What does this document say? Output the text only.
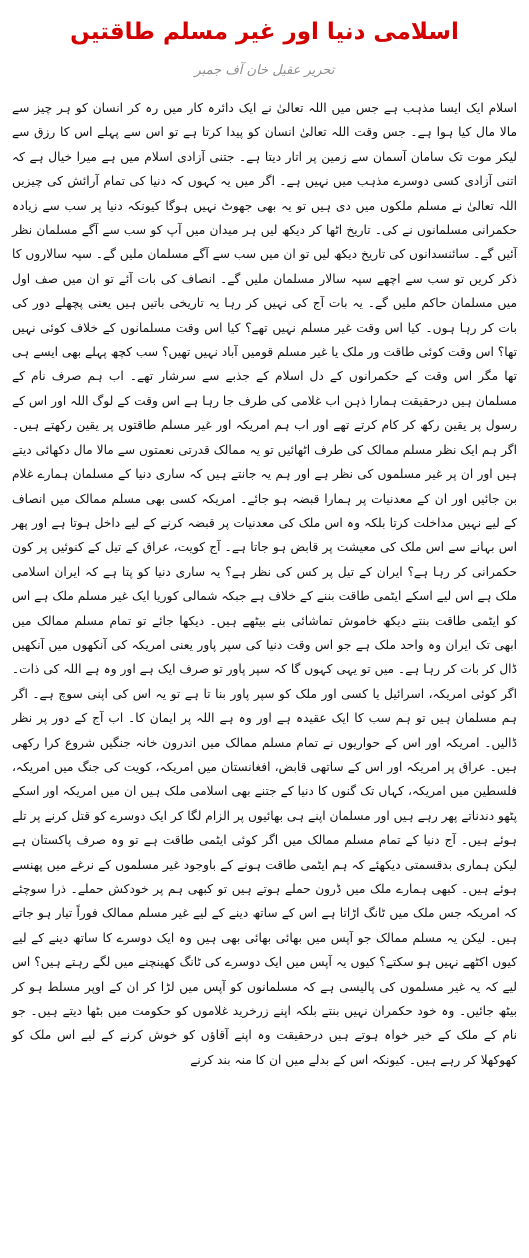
اسلامی دنیا اور غیر مسلم طاقتیں
تحریر عقیل خان آف جمبر

اسلام ایک ایسا مذہب ہے جس میں اللہ تعالیٰ نے ایک دائرہ کار میں رہ کر انسان کو ہر چیز سے مالا مال کیا ہوا ہے۔ جس وقت اللہ تعالیٰ انسان کو پیدا کرتا ہے تو اس سے پہلے اس کا رزق سے لیکر موت تک سامان آسمان سے زمین پر اتار دیتا ہے۔ جتنی آزادی اسلام میں ہے میرا خیال ہے کہ اتنی آزادی کسی دوسرے مذہب میں نہیں ہے۔ اگر میں یہ کہوں کہ دنیا کی تمام آرائش کی چیزیں اللہ تعالیٰ نے مسلم ملکوں میں دی ہیں تو یہ بھی جھوٹ نہیں ہوگا کیونکہ دنیا پر سب سے زیادہ حکمرانی مسلمانوں نے کی۔ تاریخ اٹھا کر دیکھ لیں ہر میدان میں آپ کو سب سے آگے مسلمان نظر آئیں گے۔ سائنسدانوں کی تاریخ دیکھ لیں تو ان میں سب سے آگے مسلمان ملیں گے۔ سپہ سالاروں کا ذکر کریں تو سب سے اچھے سپہ سالار مسلمان ملیں گے۔ انصاف کی بات آئے تو ان میں صف اول میں مسلمان حاکم ملیں گے۔ یہ بات آج کی نہیں کر رہا یہ تاریخی باتیں ہیں یعنی پچھلے دور کی بات کر رہا ہوں۔ کیا اس وقت غیر مسلم نہیں تھے؟ کیا اس وقت مسلمانوں کے خلاف کوئی نہیں تھا؟ اس وقت کوئی طاقت ور ملک یا غیر مسلم قومیں آباد نہیں تھیں؟ سب کچھ پہلے بھی ایسے ہی تھا مگر اس وقت کے حکمرانوں کے دل اسلام کے جذبے سے سرشار تھے۔ اب ہم صرف نام کے مسلمان ہیں درحقیقت ہمارا ذہن اب غلامی کی طرف جا رہا ہے اس وقت کے لوگ اللہ اور اس کے رسول پر یقین رکھ کر کام کرتے تھے اور اب ہم امریکہ اور غیر مسلم طاقتوں پر یقین رکھتے ہیں۔ اگر ہم ایک نظر مسلم ممالک کی طرف اٹھائیں تو یہ ممالک قدرتی نعمتوں سے مالا مال دکھائی دیتے ہیں اور ان پر غیر مسلموں کی نظر ہے اور ہم یہ جانتے ہیں کہ ساری دنیا کے مسلمان ہمارے غلام بن جائیں اور ان کے معدنیات پر ہمارا قبضہ ہو جائے۔ امریکہ کسی بھی مسلم ممالک میں انصاف کے لیے نہیں مداخلت کرتا بلکہ وہ اس ملک کی معدنیات پر قبضہ کرنے کے لیے داخل ہوتا ہے اور پھر اس بہانے سے اس ملک کی معیشت پر قابض ہو جاتا ہے۔ آج کویت، عراق کے تیل کے کنوئیں پر کون حکمرانی کر رہا ہے؟ ایران کے تیل پر کس کی نظر ہے؟ یہ ساری دنیا کو پتا ہے کہ ایران اسلامی ملک ہے اس لیے اسکے ایٹمی طاقت بننے کے خلاف ہے جبکہ شمالی کوریا ایک غیر مسلم ملک ہے اس کو ایٹمی طاقت بنتے دیکھ خاموش تماشائی بنے بیٹھے ہیں۔ دیکھا جائے تو تمام مسلم ممالک میں ابھی تک ایران وہ واحد ملک ہے جو اس وقت دنیا کی سپر پاور یعنی امریکہ کی آنکھوں میں آنکھیں ڈال کر بات کر رہا ہے۔ میں تو یہی کہوں گا کہ سپر پاور تو صرف ایک ہے اور وہ ہے اللہ کی ذات۔ اگر کوئی امریکہ، اسرائیل یا کسی اور ملک کو سپر پاور بنا تا ہے تو یہ اس کی اپنی سوچ ہے۔ اگر ہم مسلمان ہیں تو ہم سب کا ایک عقیدہ ہے اور وہ ہے اللہ پر ایمان کا۔ اب آج کے دور پر نظر ڈالیں۔ امریکہ اور اس کے حواریوں نے تمام مسلم ممالک میں اندرون خانہ جنگیں شروع کرا رکھی ہیں۔ عراق پر امریکہ اور اس کے ساتھی قابض، افغانستان میں امریکہ، کویت کی جنگ میں امریکہ، فلسطین میں امریکہ، کہاں تک گنوں کا دنیا کے جتنے بھی اسلامی ملک ہیں ان میں امریکہ اور اسکے پٹھو دندناتے پھر رہے ہیں اور مسلمان اپنے ہی بھائیوں پر الزام لگا کر ایک دوسرے کو قتل کرنے پر تلے ہوئے ہیں۔ آج دنیا کے تمام مسلم ممالک میں اگر کوئی ایٹمی طاقت ہے تو وہ صرف پاکستان ہے لیکن ہماری بدقسمتی دیکھئے کہ ہم ایٹمی طاقت ہونے کے باوجود غیر مسلموں کے نرغے میں پھنسے ہوئے ہیں۔ کبھی ہمارے ملک میں ڈرون حملے ہوتے ہیں تو کبھی ہم پر خودکش حملے۔ ذرا سوچئے کہ امریکہ جس ملک میں ٹانگ اڑاتا ہے اس کے ساتھ دینے کے لیے غیر مسلم ممالک فوراً تیار ہو جاتے ہیں۔ لیکن یہ مسلم ممالک جو آپس میں بھائی بھائی بھی ہیں وہ ایک دوسرے کا ساتھ دینے کے لیے کیوں اکٹھے نہیں ہو سکتے؟ کیوں یہ آپس میں ایک دوسرے کی ٹانگ کھینچنے میں لگے رہتے ہیں؟ اس لیے کہ یہ غیر مسلموں کی پالیسی ہے کہ مسلمانوں کو آپس میں لڑا کر ان کے اوپر مسلط ہو کر بیٹھ جائیں۔ وہ خود حکمران نہیں بنتے بلکہ اپنے زرخرید غلاموں کو حکومت میں بٹھا دیتے ہیں۔ جو نام کے ملک کے خیر خواہ ہوتے ہیں درحقیقت وہ اپنے آقاؤں کو خوش کرنے کے لیے اس ملک کو کھوکھلا کر رہے ہیں۔ کیونکہ اس کے بدلے میں ان کا منہ بند کرنے
